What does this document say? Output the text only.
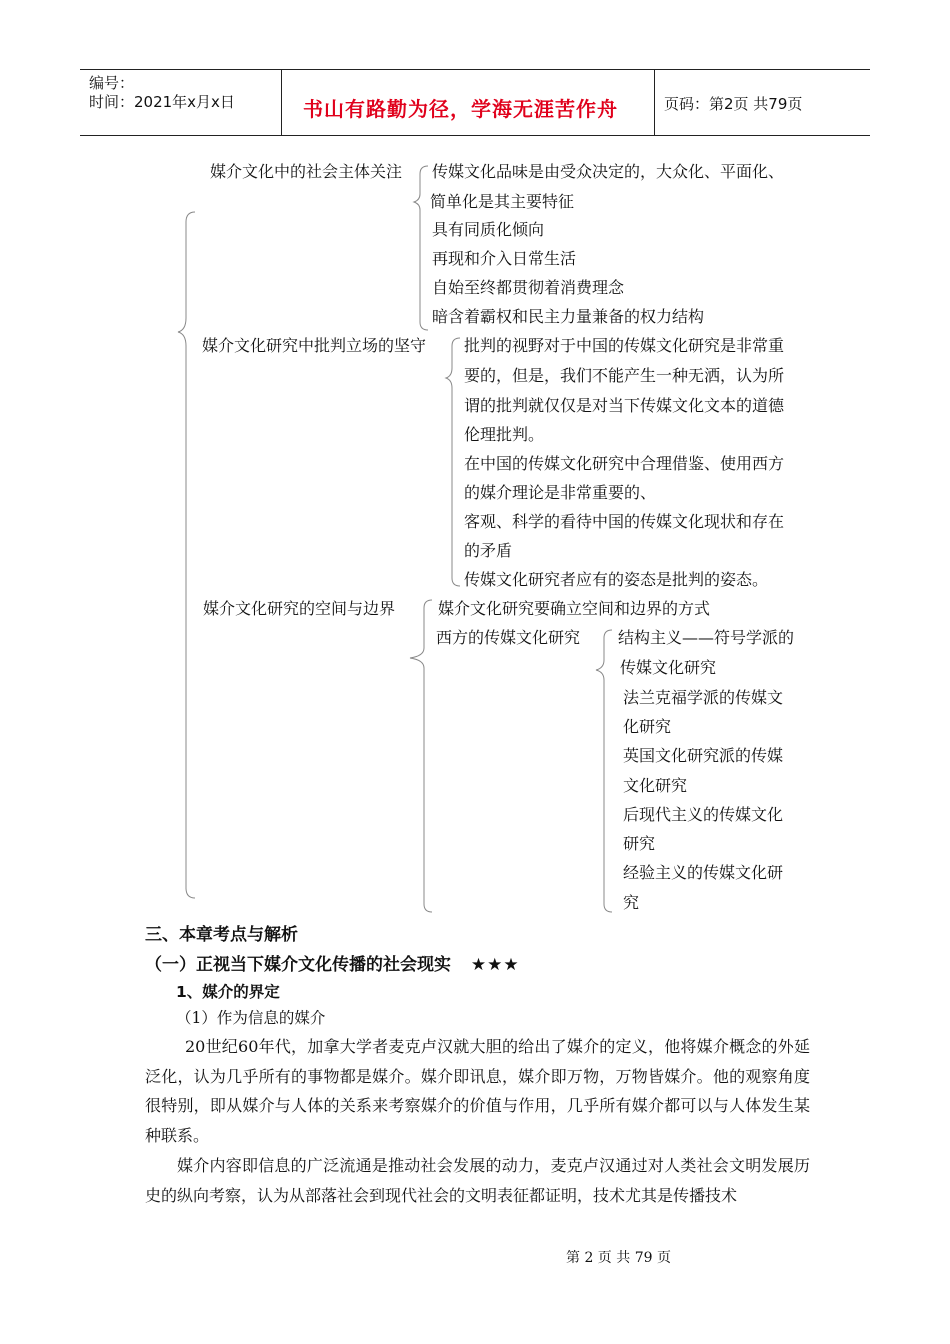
编号：
时间：2021年x月x日	书山有路勤为径，学海无涯苦作舟	页码：第2页 共79页
媒介文化中的社会主体关注 传媒文化品味是由受众决定的，大众化、平面化、
简单化是其主要特征
具有同质化倾向
再现和介入日常生活
自始至终都贯彻着消费理念
暗含着霸权和民主力量兼备的权力结构
媒介文化研究中批判立场的坚守 批判的视野对于中国的传媒文化研究是非常重
要的，但是，我们不能产生一种无洒，认为所
谓的批判就仅仅是对当下传媒文化文本的道德
伦理批判。
在中国的传媒文化研究中合理借鉴、使用西方
的媒介理论是非常重要的、
客观、科学的看待中国的传媒文化现状和存在
的矛盾
传媒文化研究者应有的姿态是批判的姿态。
媒介文化研究的空间与边界	媒介文化研究要确立空间和边界的方式
西方的传媒文化研究 结构主义——符号学派的
传媒文化研究
法兰克福学派的传媒文
化研究
英国文化研究派的传媒
文化研究
后现代主义的传媒文化
研究
经验主义的传媒文化研
究
三、本章考点与解析
（一）正视当下媒介文化传播的社会现实 ★★★
1、媒介的界定
（1）作为信息的媒介
20世纪60年代，加拿大学者麦克卢汉就大胆的给出了媒介的定义，他将媒介概念的外延泛化，认为几乎所有的事物都是媒介。媒介即讯息，媒介即万物，万物皆媒介。他的观察角度很特别，即从媒介与人体的关系来考察媒介的价值与作用，几乎所有媒介都可以与人体发生某种联系。
媒介内容即信息的广泛流通是推动社会发展的动力，麦克卢汉通过对人类社会文明发展历史的纵向考察，认为从部落社会到现代社会的文明表征都证明，技术尤其是传播技术
第 2 页 共 79 页
